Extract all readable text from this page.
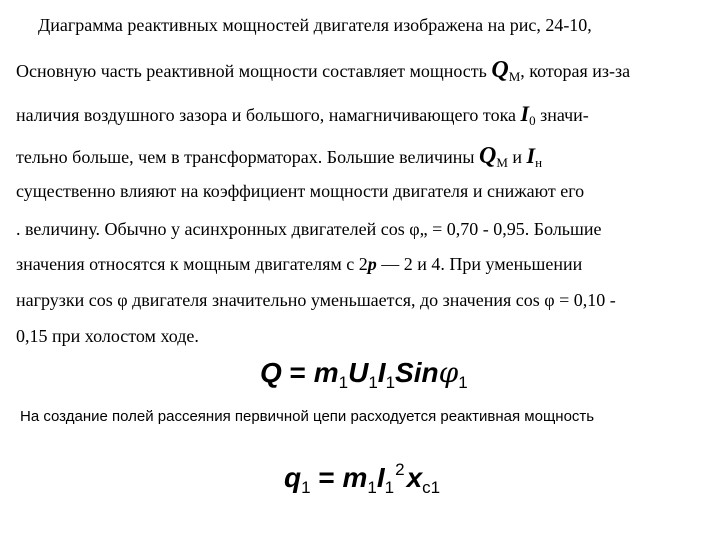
Диаграмма реактивных мощностей двигателя изображена на рис, 24-10,
Основную часть реактивной мощности составляет мощность $Q_M$, которая из-за
наличия воздушного зазора и большого, намагничивающего тока $I_0$ значи-
тельно больше, чем в трансформаторах. Большие величины $Q_M$ и $I_н$
существенно влияют на коэффициент мощности двигателя и снижают его
. величину. Обычно у асинхронных двигателей cos φ„ = 0,70 - 0,95. Большие
значения относятся к мощным двигателям с 2p — 2 и 4. При уменьшении
нагрузки cos φ двигателя значительно уменьшается, до значения cos φ = 0,10 -
0,15 при холостом ходе.
$Q = m_1U_1I_1Sin\varphi_1$
На создание полей рассеяния первичной цепи расходуется реактивная мощность
$q_1 = m_1I_1^2x_{c1}$
